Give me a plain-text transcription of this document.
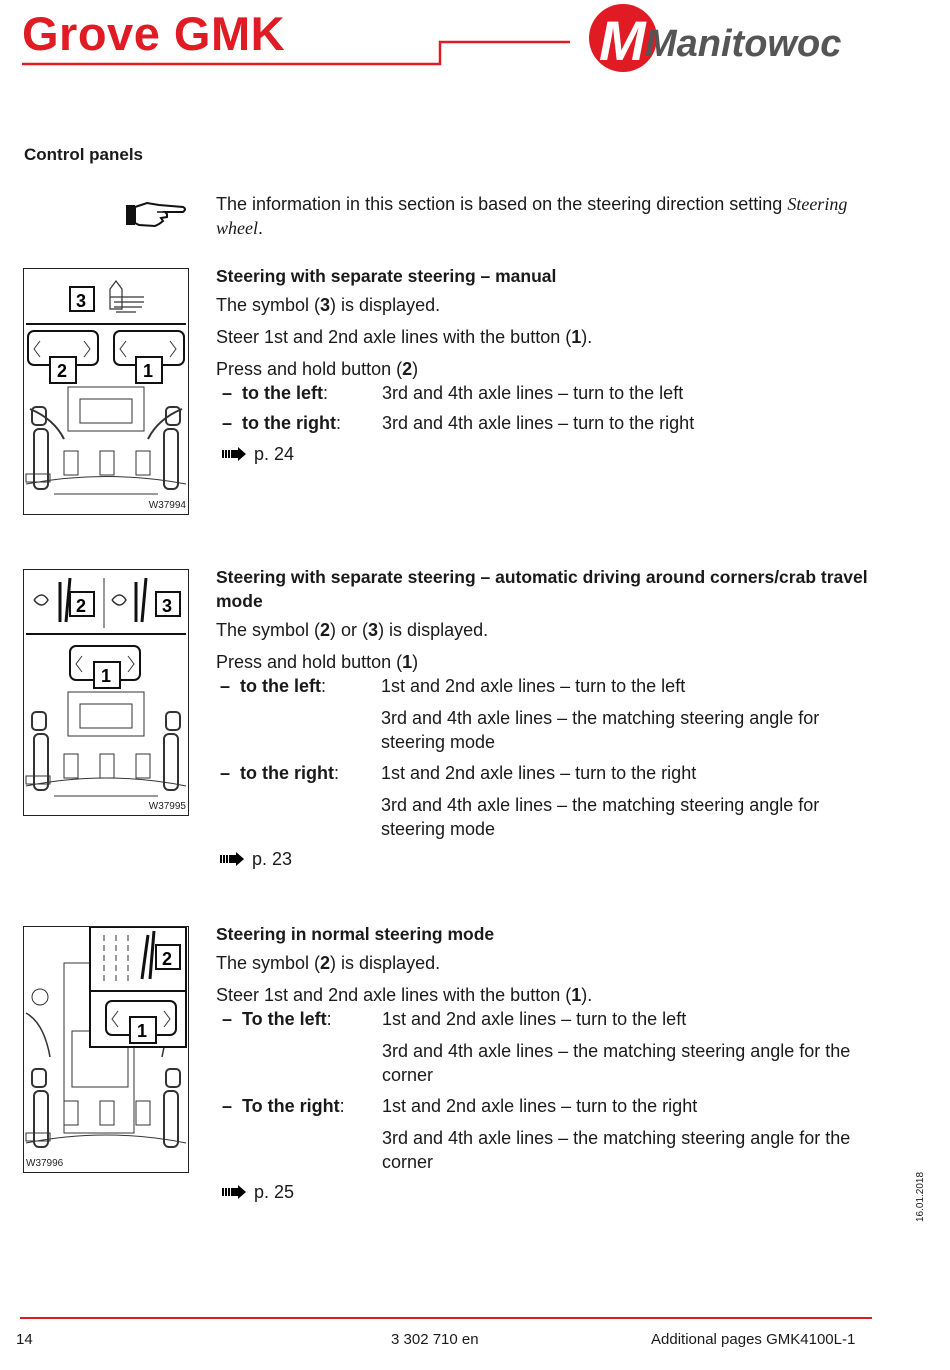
Grove GMK	M Manitowoc
Control panels
The information in this section is based on the steering direction setting Steering wheel.
3
2	1
W37994
Steering with separate steering – manual
The symbol (3) is displayed.
Steer 1st and 2nd axle lines with the button (1).
Press and hold button (2)
–  to the left:	3rd and 4th axle lines – turn to the left
–  to the right: 3rd and 4th axle lines – turn to the right
p. 24
2	3
1
W37995
Steering with separate steering – automatic driving around corners/crab travel mode
The symbol (2) or (3) is displayed.
Press and hold button (1)
–  to the left:	1st and 2nd axle lines – turn to the left
3rd and 4th axle lines – the matching steering angle for steering mode
–  to the right: 1st and 2nd axle lines – turn to the right
3rd and 4th axle lines – the matching steering angle for steering mode
p. 23
2
1
W37996
Steering in normal steering mode
The symbol (2) is displayed.
Steer 1st and 2nd axle lines with the button (1).
–  To the left:	1st and 2nd axle lines – turn to the left
3rd and 4th axle lines – the matching steering angle for the corner
–  To the right: 1st and 2nd axle lines – turn to the right
3rd and 4th axle lines – the matching steering angle for the corner
p. 25	16.01.2018
14	3 302 710 en	Additional pages GMK4100L-1
